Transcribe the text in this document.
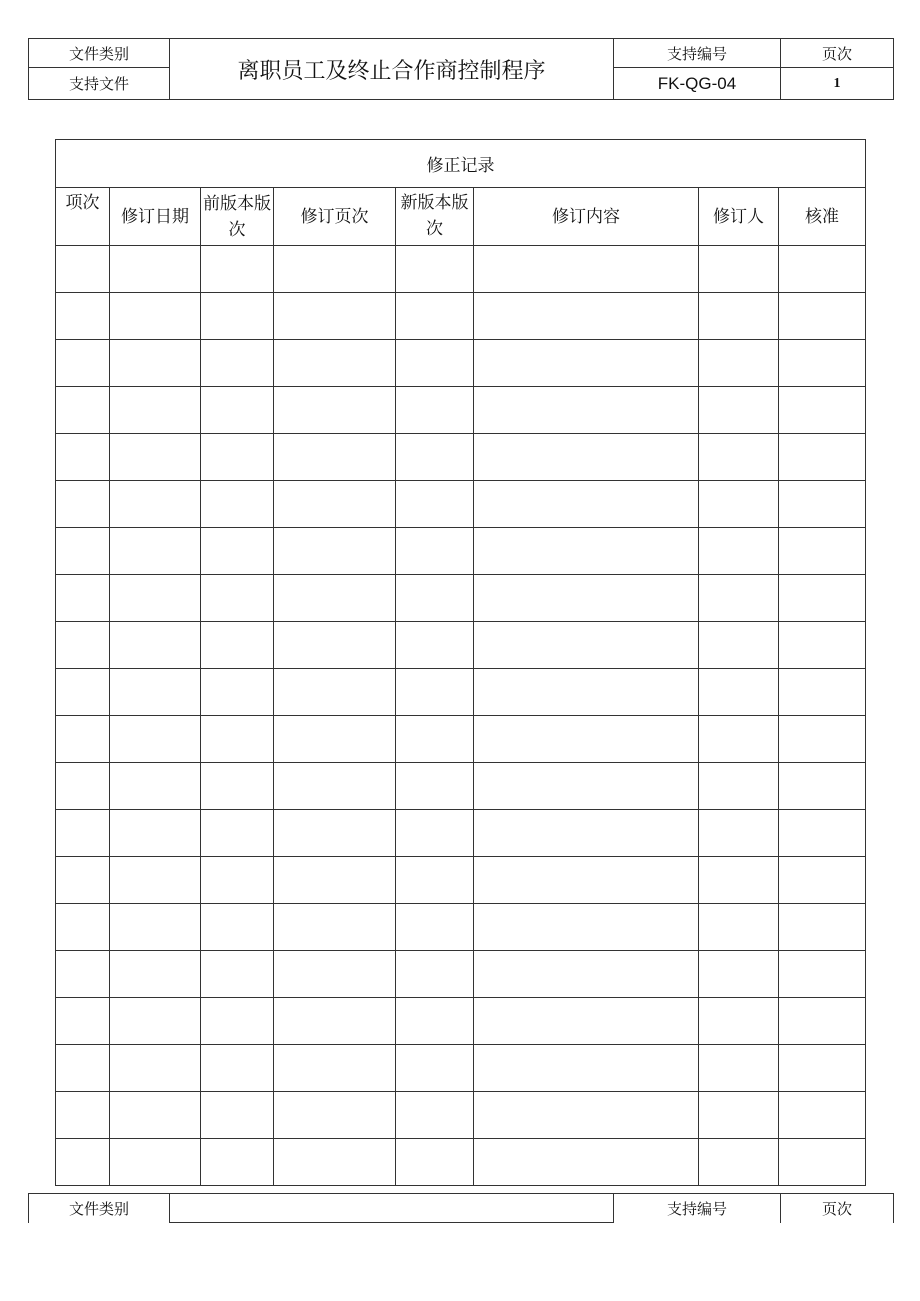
文件类别	离职员工及终止合作商控制程序	支持编号	页次
支持文件		FK-QG-04	1
修正记录							
项次	修订日期	前版本版次	修订页次	新版本版次	修订内容	修订人	核准

文件类别		支持编号	页次
